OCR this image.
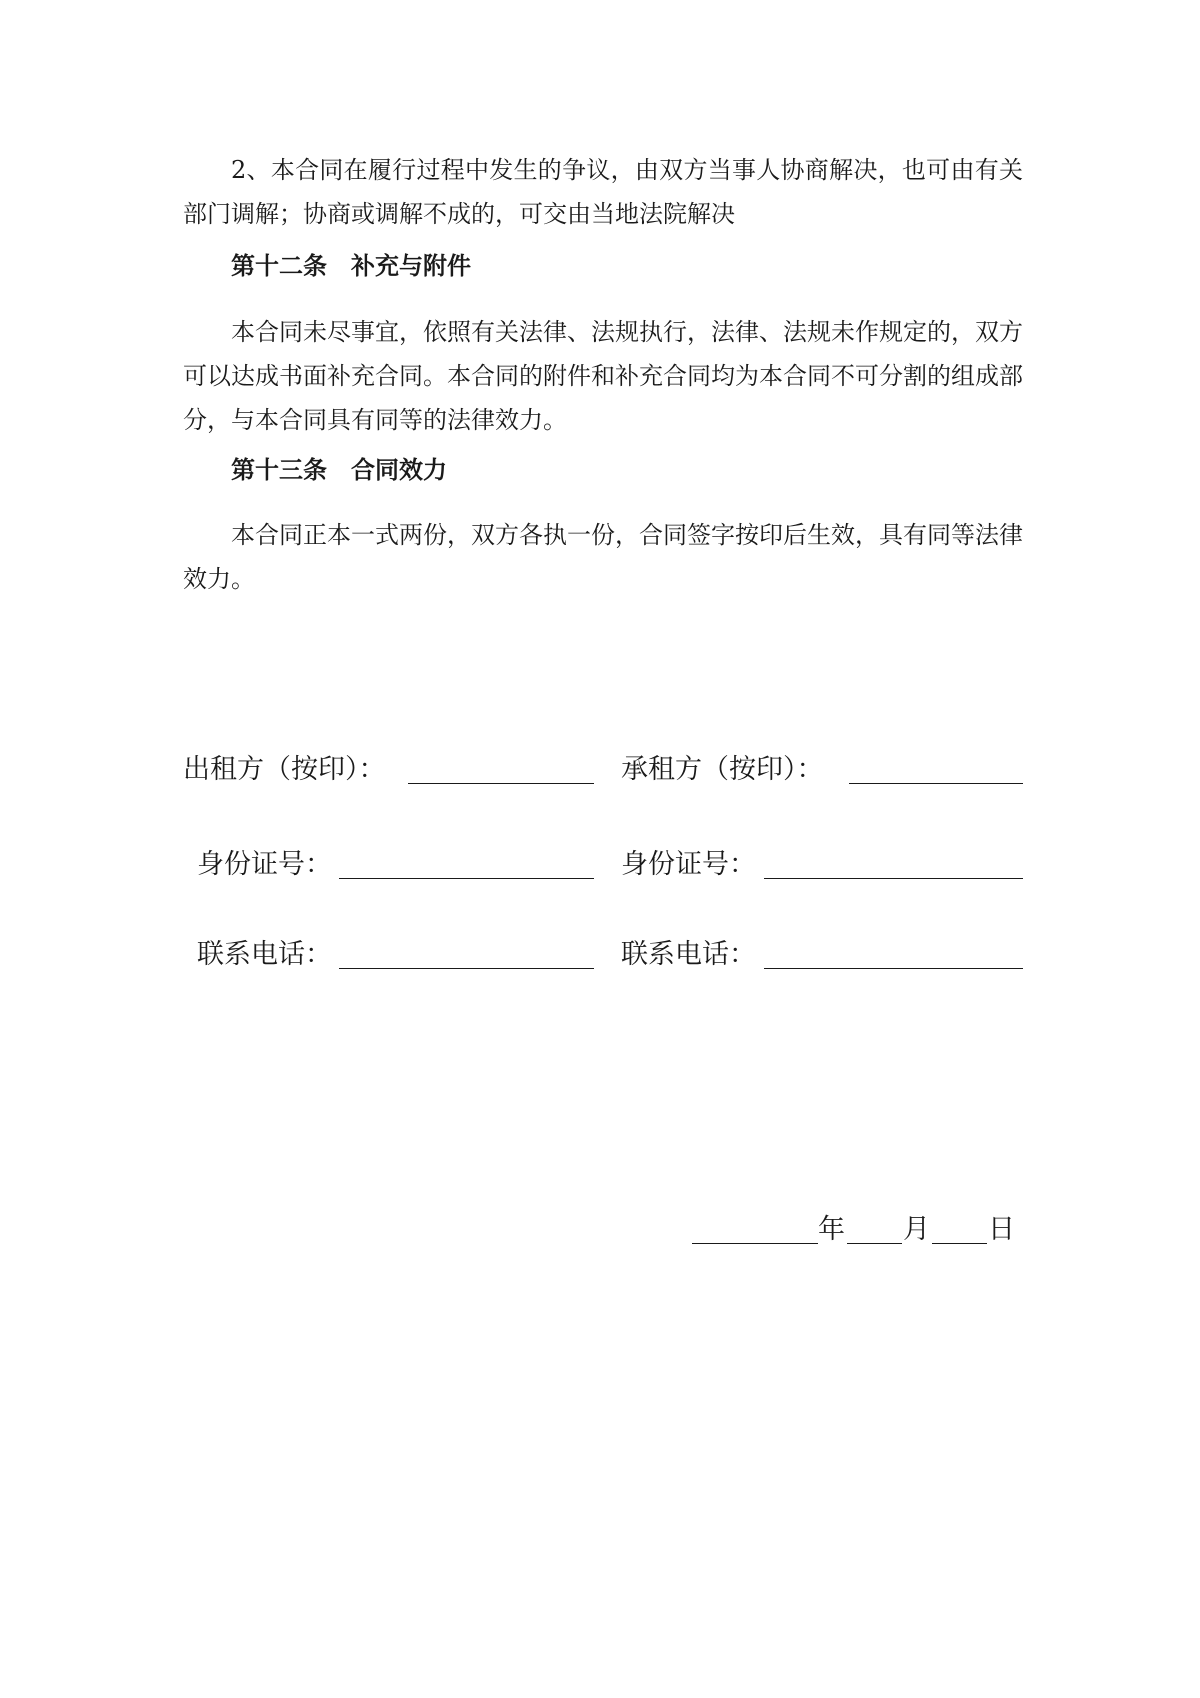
2、本合同在履行过程中发生的争议，由双方当事人协商解决，也可由有关部门调解；协商或调解不成的，可交由当地法院解决

第十二条　补充与附件

本合同未尽事宜，依照有关法律、法规执行，法律、法规未作规定的，双方可以达成书面补充合同。本合同的附件和补充合同均为本合同不可分割的组成部分，与本合同具有同等的法律效力。

第十三条　合同效力

本合同正本一式两份，双方各执一份，合同签字按印后生效，具有同等法律效力。

出租方（按印）：	承租方（按印）：
身份证号：	身份证号：
联系电话：	联系电话：
年 月 日
